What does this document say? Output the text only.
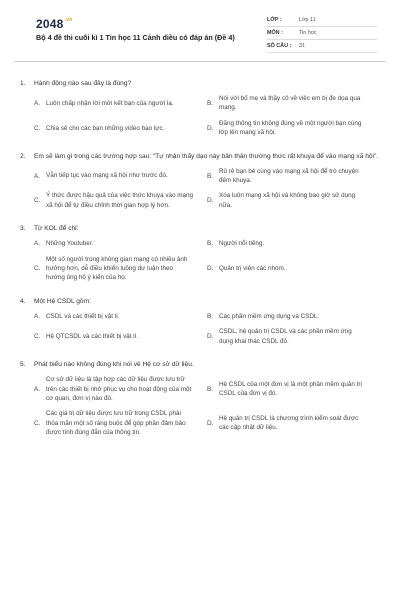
$2048^{.vn}$
Bộ 4 đề thi cuối kì 1 Tin học 11 Cánh diều có đáp án (Đề 4)
LỚP :	Lớp 11
MÔN :	Tin học
SỐ CÂU :	31
1.	Hành động nào sau đây là đúng?
A. Luôn chấp nhận lời mời kết bạn của người lạ.	B.
Nói với bố mẹ và thầy cô về việc em bị đe dọa qua mạng.
C. Chia sẻ cho các bạn những video bạo lực.	D.
Đăng thông tin không đúng về một người bạn cùng lớp lên mạng xã hội.
2.	Em sẽ làm gì trong các trường hợp sau: “Tự nhận thấy dạo này bản thân thường thức rất khuya để vào mạng xã hội”.
A. Vẫn tiếp tục vào mạng xã hội như trước đó.	B.
Rủ rê bạn bè cùng vào mạng xã hội để trò chuyện đêm khuya.
C.
Ý thức được hậu quả của việc thức khuya vào mạng xã hội để tự điều chỉnh thời gian hợp lý hơn.
D.
Xóa luôn mạng xã hội và không bao giờ sử dụng nữa.
3.	Từ KOL để chỉ:
A. Những Youtuber.	B. Người nổi tiếng.
C.
Một số người trong không gian mạng có nhiều ảnh hưởng hơn, dễ điều khiển luồng dư luận theo hướng ủng hộ ý kiến của họ.
D. Quản trị viên các nhóm.
4.	Một Hệ CSDL gồm:
A. CSDL và các thiết bị vật lí.	B. Các phần mềm ứng dụng và CSDL.
C. Hệ QTCSDL và các thiết bị vật lí.	D.
CSDL, hệ quản trị CSDL và các phần mềm ứng dụng khai thác CSDL đó.
5.	Phát biểu nào không đúng khi nói về Hệ cơ sở dữ liệu.
A.
Cơ sở dữ liệu là tập hợp các dữ liệu được lưu trữ trên các thiết bị nhớ phục vụ cho hoạt động của một cơ quan, đơn vị nào đó.
B.
Hệ CSDL của một đơn vị là một phần mềm quản trị CSDL của đơn vị đó.
C.
Các giá trị dữ liệu được lưu trữ trong CSDL phải thỏa mãn một số ràng buộc để góp phần đảm bảo được tính đúng đắn của thông tin.
D.
Hệ quản trị CSDL là chương trình kiểm soát được các cập nhật dữ liệu.
